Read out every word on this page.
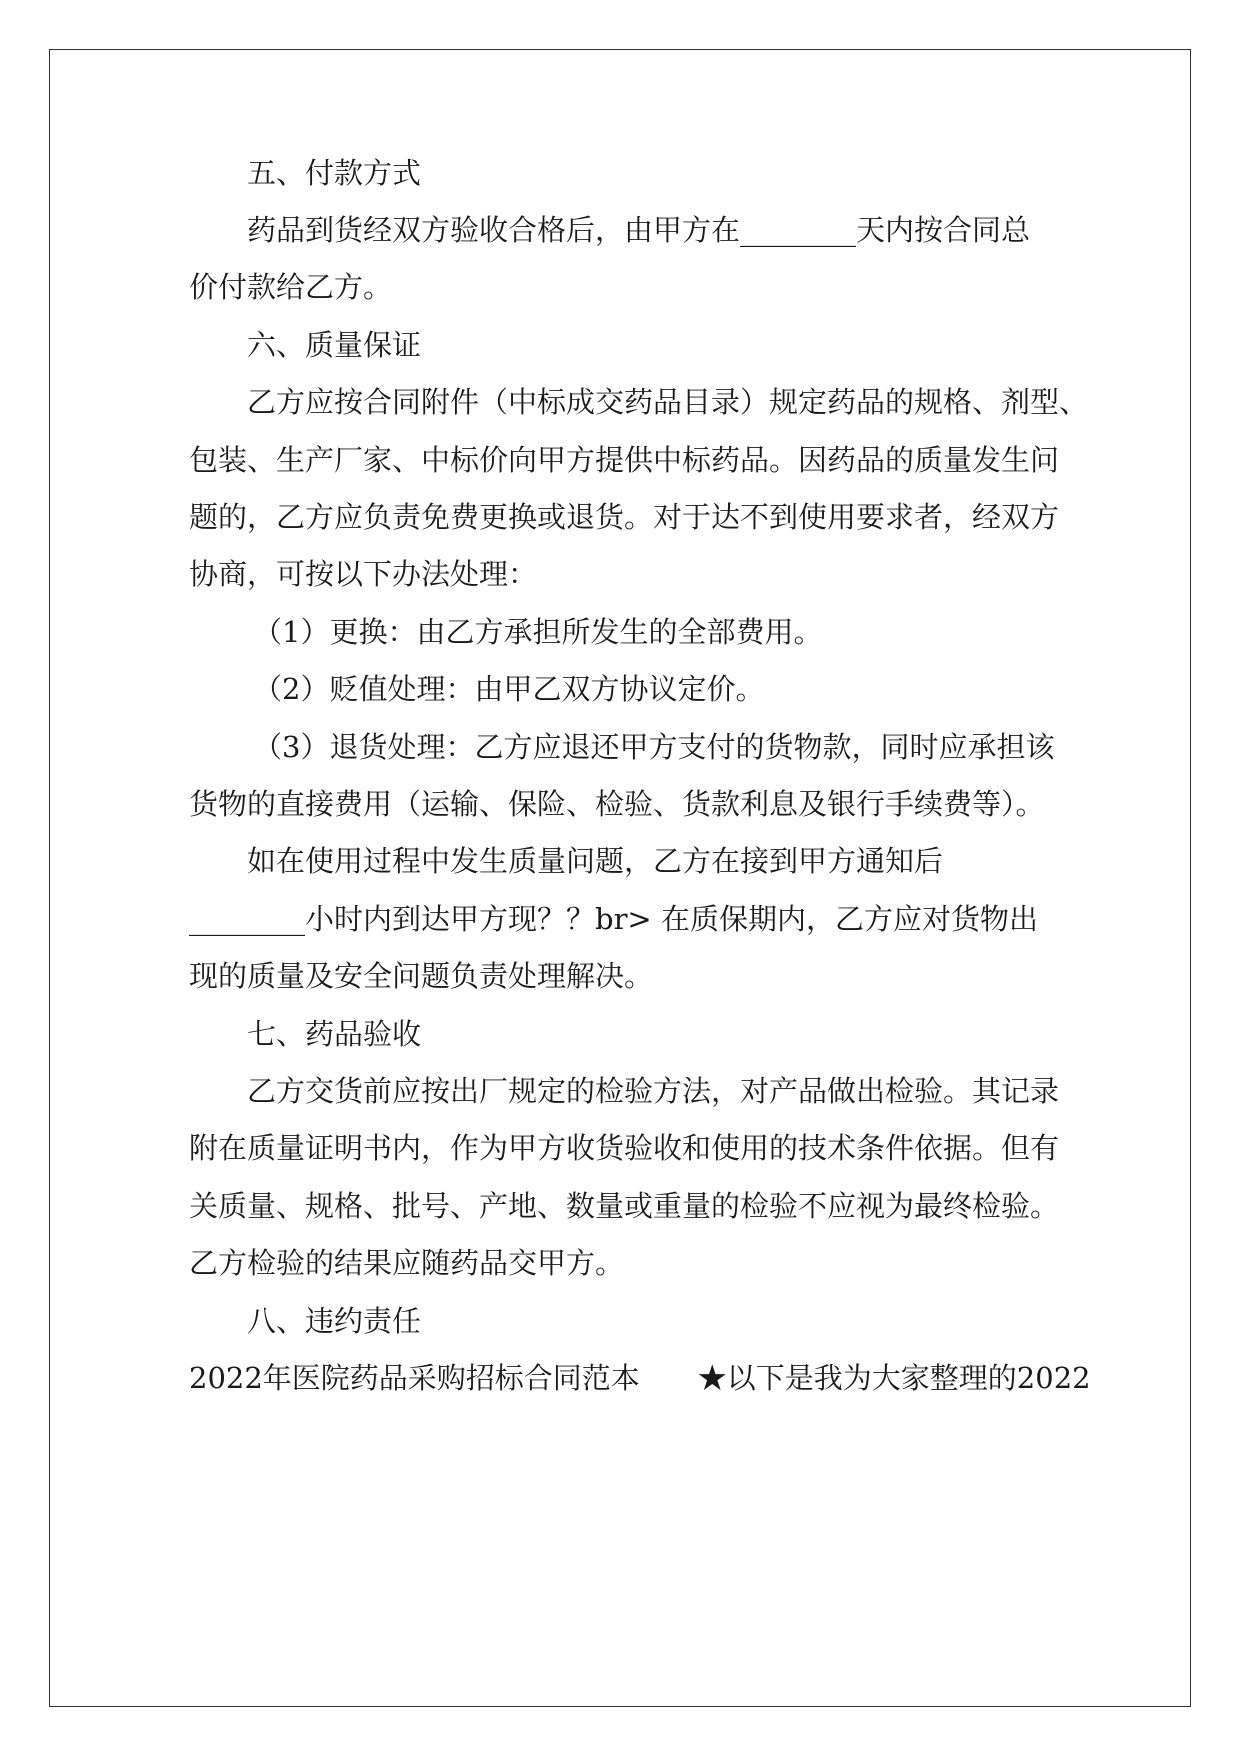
五、付款方式
药品到货经双方验收合格后，由甲方在________天内按合同总
价付款给乙方。
六、质量保证
乙方应按合同附件（中标成交药品目录）规定药品的规格、剂型、
包装、生产厂家、中标价向甲方提供中标药品。因药品的质量发生问
题的，乙方应负责免费更换或退货。对于达不到使用要求者，经双方
协商，可按以下办法处理：
（1）更换：由乙方承担所发生的全部费用。
（2）贬值处理：由甲乙双方协议定价。
（3）退货处理：乙方应退还甲方支付的货物款，同时应承担该
货物的直接费用（运输、保险、检验、货款利息及银行手续费等）。
如在使用过程中发生质量问题，乙方在接到甲方通知后
________小时内到达甲方现？？br> 在质保期内，乙方应对货物出
现的质量及安全问题负责处理解决。
七、药品验收
乙方交货前应按出厂规定的检验方法，对产品做出检验。其记录
附在质量证明书内，作为甲方收货验收和使用的技术条件依据。但有
关质量、规格、批号、产地、数量或重量的检验不应视为最终检验。
乙方检验的结果应随药品交甲方。
八、违约责任
2022年医院药品采购招标合同范本　　★以下是我为大家整理的2022
